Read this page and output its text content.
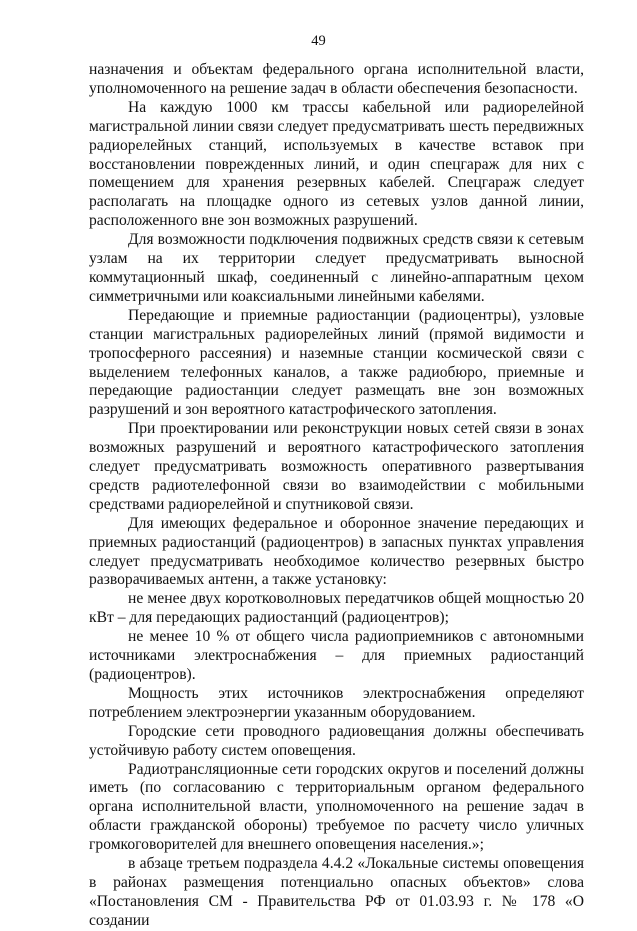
49

назначения и объектам федерального органа исполнительной власти, уполномоченного на решение задач в области обеспечения безопасности.

На каждую 1000 км трассы кабельной или радиорелейной магистральной линии связи следует предусматривать шесть передвижных радиорелейных станций, используемых в качестве вставок при восстановлении поврежденных линий, и один спецгараж для них с помещением для хранения резервных кабелей. Спецгараж следует располагать на площадке одного из сетевых узлов данной линии, расположенного вне зон возможных разрушений.

Для возможности подключения подвижных средств связи к сетевым узлам на их территории следует предусматривать выносной коммутационный шкаф, соединенный с линейно-аппаратным цехом симметричными или коаксиальными линейными кабелями.

Передающие и приемные радиостанции (радиоцентры), узловые станции магистральных радиорелейных линий (прямой видимости и тропосферного рассеяния) и наземные станции космической связи с выделением телефонных каналов, а также радиобюро, приемные и передающие радиостанции следует размещать вне зон возможных разрушений и зон вероятного катастрофического затопления.

При проектировании или реконструкции новых сетей связи в зонах возможных разрушений и вероятного катастрофического затопления следует предусматривать возможность оперативного развертывания средств радиотелефонной связи во взаимодействии с мобильными средствами радиорелейной и спутниковой связи.

Для имеющих федеральное и оборонное значение передающих и приемных радиостанций (радиоцентров) в запасных пунктах управления следует предусматривать необходимое количество резервных быстро разворачиваемых антенн, а также установку:

не менее двух коротковолновых передатчиков общей мощностью 20 кВт – для передающих радиостанций (радиоцентров);

не менее 10 % от общего числа радиоприемников с автономными источниками электроснабжения – для приемных радиостанций (радиоцентров).

Мощность этих источников электроснабжения определяют потреблением электроэнергии указанным оборудованием.

Городские сети проводного радиовещания должны обеспечивать устойчивую работу систем оповещения.

Радиотрансляционные сети городских округов и поселений должны иметь (по согласованию с территориальным органом федерального органа исполнительной власти, уполномоченного на решение задач в области гражданской обороны) требуемое по расчету число уличных громкоговорителей для внешнего оповещения населения.»;

в абзаце третьем подраздела 4.4.2 «Локальные системы оповещения в районах размещения потенциально опасных объектов» слова «Постановления СМ - Правительства РФ от 01.03.93 г. № 178 «О создании
